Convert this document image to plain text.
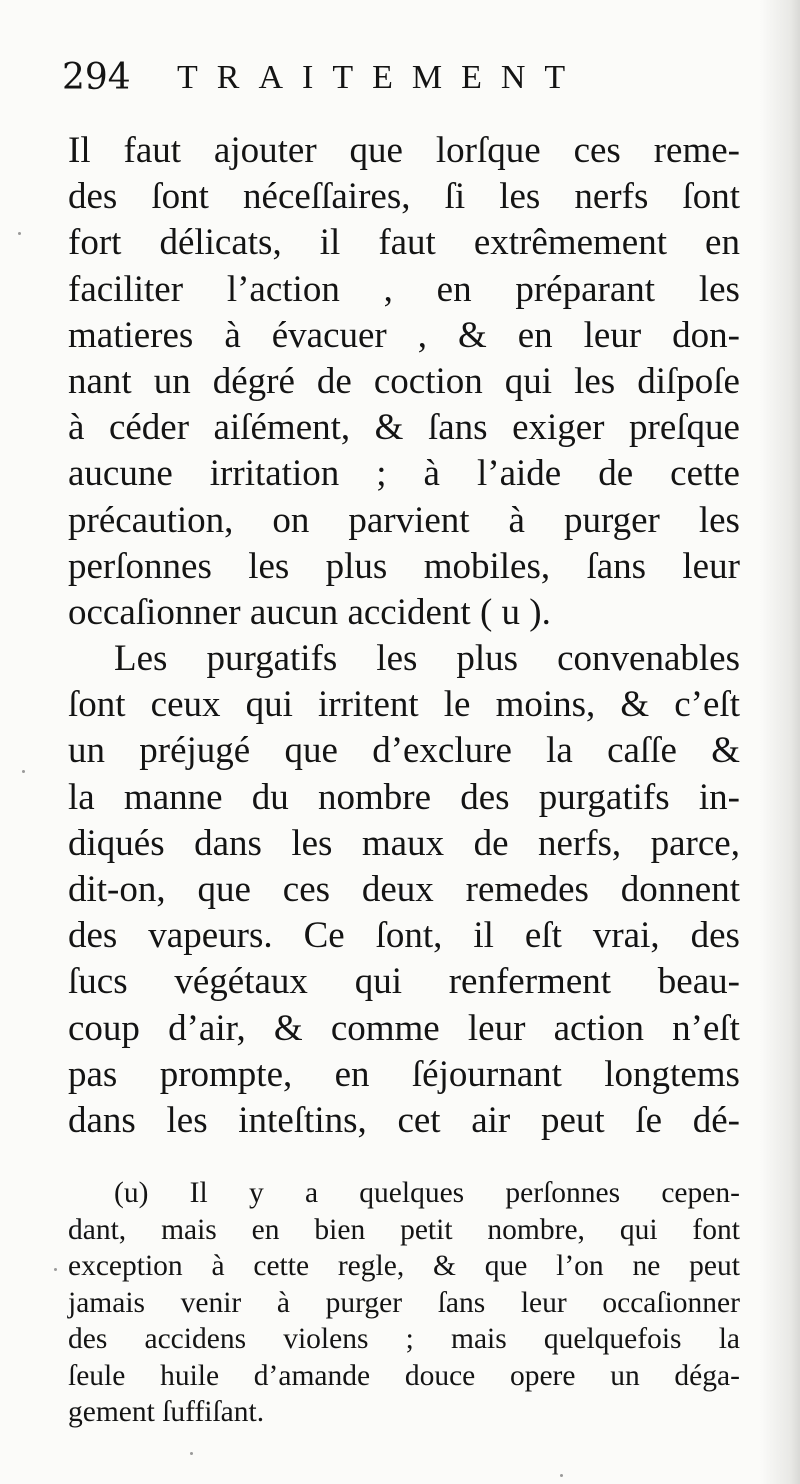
294 TRAITEMENT
Il faut ajouter que lorſque ces reme-
des ſont néceſſaires, ſi les nerfs ſont
fort délicats, il faut extrêmement en
faciliter l’action , en préparant les
matieres à évacuer , & en leur don-
nant un dégré de coction qui les diſpoſe
à céder aiſément, & ſans exiger preſque
aucune irritation ; à l’aide de cette
précaution, on parvient à purger les
perſonnes les plus mobiles, ſans leur
occaſionner aucun accident ( u ).
Les purgatifs les plus convenables
ſont ceux qui irritent le moins, & c’eſt
un préjugé que d’exclure la caſſe &
la manne du nombre des purgatifs in-
diqués dans les maux de nerfs, parce,
dit-on, que ces deux remedes donnent
des vapeurs. Ce ſont, il eſt vrai, des
ſucs végétaux qui renferment beau-
coup d’air, & comme leur action n’eſt
pas prompte, en ſéjournant longtems
dans les inteſtins, cet air peut ſe dé-
(u) Il y a quelques perſonnes cepen-
dant, mais en bien petit nombre, qui font
exception à cette regle, & que l’on ne peut
jamais venir à purger ſans leur occaſionner
des accidens violens ; mais quelquefois la
ſeule huile d’amande douce opere un déga-
gement ſuffiſant.
